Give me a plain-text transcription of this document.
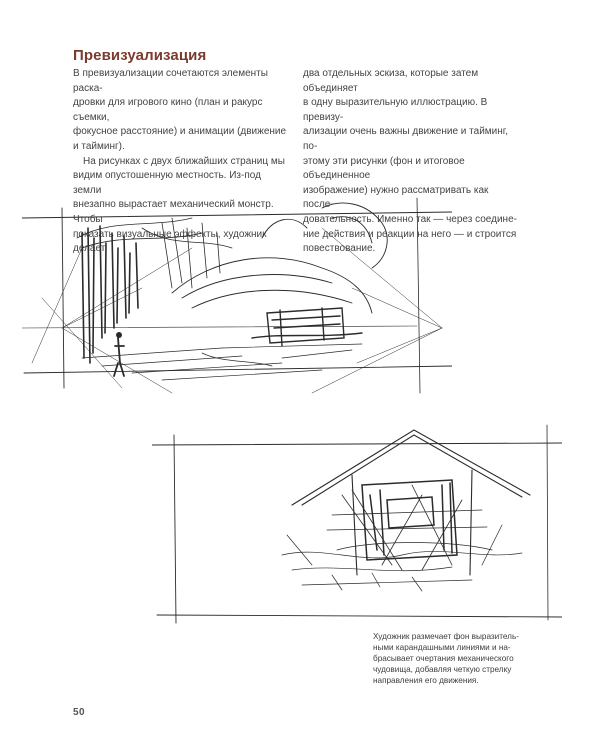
Превизуализация

В превизуализации сочетаются элементы раска-
дровки для игрового кино (план и ракурс съемки,
фокусное расстояние) и анимации (движение
и тайминг).

На рисунках с двух ближайших страниц мы
видим опустошенную местность. Из-под земли
внезапно вырастает механический монстр. Чтобы
показать визуальные эффекты, художник делает

два отдельных эскиза, которые затем объединяет
в одну выразительную иллюстрацию. В превизу-
ализации очень важны движение и тайминг, по-
этому эти рисунки (фон и итоговое объединенное
изображение) нужно рассматривать как после-
довательность. Именно так — через соедине-
ние действия и реакции на него — и строится
повествование.

Художник размечает фон выразитель-
ными карандашными линиями и на-
брасывает очертания механического
чудовища, добавляя четкую стрелку
направления его движения.
50
